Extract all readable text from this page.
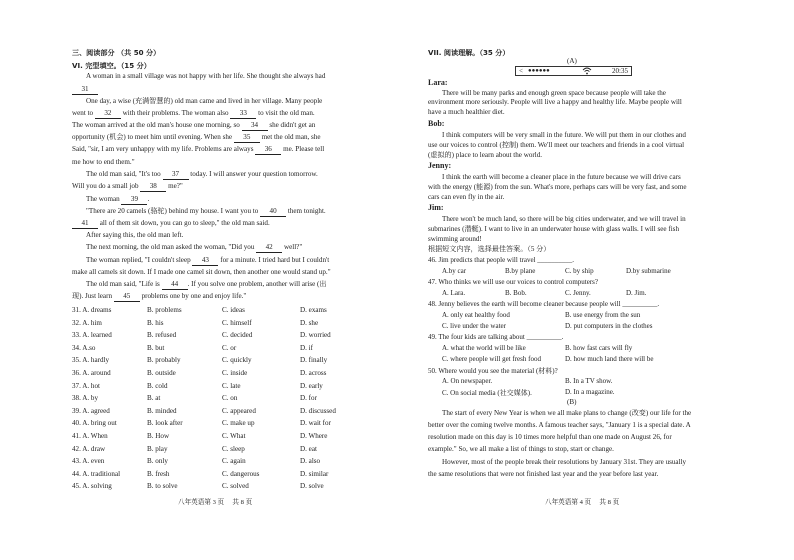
三、阅读部分 （共 50 分）
VI. 完型填空。（15 分）
A woman in a small village was not happy with her life. She thought she always had
31
One day, a wise (充满智慧的) old man came and lived in her village. Many people
went to 32 with their problems. The woman also 33 to visit the old man.
The woman arrived at the old man's house one morning, so 34 she didn't get an
opportunity (机会) to meet him until evening. When she 35 met the old man, she
Said, "sir, I am very unhappy with my life. Problems are always 36 me. Please tell
me how to end them."
The old man said, "It's too 37 today. I will answer your question tomorrow.
Will you do a small job 38 me?"
The woman 39 .
"There are 20 camels (骆驼) behind my house. I want you to 40 them tonight.
41 all of them sit down, you can go to sleep," the old man said.
After saying this, the old man left.
The next morning, the old man asked the woman, "Did you 42 well?"
The woman replied, "I couldn't sleep 43 for a minute. I tried hard but I couldn't
make all camels sit down. If I made one camel sit down, then another one would stand up."
The old man said, "Life is 44 . If you solve one problem, another will arise (出
现). Just learn 45 problems one by one and enjoy life."
31. A. dreams	B. problems	C. ideas	D. exams
32. A. him	B. his	C. himself	D. she
33. A. learned	B. refused	C. decided	D. worried
34. A.so	B. but	C. or	D. if
35. A. hardly	B. probably	C. quickly	D. finally
36. A. around	B. outside	C. inside	D. across
37. A. hot	B. cold	C. late	D. early
38. A. by	B. at	C. on	D. for
39. A. agreed	B. minded	C. appeared	D. discussed
40. A. bring out	B. look after	C. make up	D. wait for
41. A. When	B. How	C. What	D. Where
42. A. draw	B. play	C. sleep	D. eat
43. A. even	B. only	C. again	D. also
44. A. traditional	B. fresh	C. dangerous	D. similar
45. A. solving	B. to solve	C. solved	D. solve
八年英语第 3 页　 共 8 页
VII. 阅读理解。（35 分）
(A)
< ●●●●●●	20:35
Lara:
There will be many parks and enough green space because people will take the
environment more seriously. People will live a happy and healthy life. Maybe people will
have a much healthier diet.
Bob:
I think computers will be very small in the future. We will put them in our clothes and
use our voices to control (控制) them. We'll meet our teachers and friends in a cool virtual
(虚拟的) place to learn about the world.
Jenny:
I think the earth will become a cleaner place in the future because we will drive cars
with the energy (能源) from the sun. What's more, perhaps cars will be very fast, and some
cars can even fly in the air.
Jim:
There won't be much land, so there will be big cities underwater, and we will travel in
submarines (潜艇). I want to live in an underwater house with glass walls. I will see fish
swimming around!
根据短文内容，选择最佳答案。（5 分）
46. Jim predicts that people will travel __________.
A.by car	B.by plane	C. by ship	D.by submarine
47. Who thinks we will use our voices to control computers?
A. Lara.	B. Bob.	C. Jenny.	D. Jim.
48. Jenny believes the earth will become cleaner because people will __________.
A. only eat healthy food	B. use energy from the sun
C. live under the water	D. put computers in the clothes
49. The four kids are talking about __________.
A. what the world will be like	B. how fast cars will fly
C. where people will get fresh food	D. how much land there will be
50. Where would you see the material (材料)?
A. On newspaper.	B. In a TV show.
C. On social media (社交媒体).	D. In a magazine.
(B)
The start of every New Year is when we all make plans to change (改变) our life for the
better over the coming twelve months. A famous teacher says, "January 1 is a special date. A
resolution made on this day is 10 times more helpful than one made on August 26, for
example." So, we all make a list of things to stop, start or change.
However, most of the people break their resolutions by January 31st. They are usually
the same resolutions that were not finished last year and the year before last year.
八年英语第 4 页　 共 8 页
